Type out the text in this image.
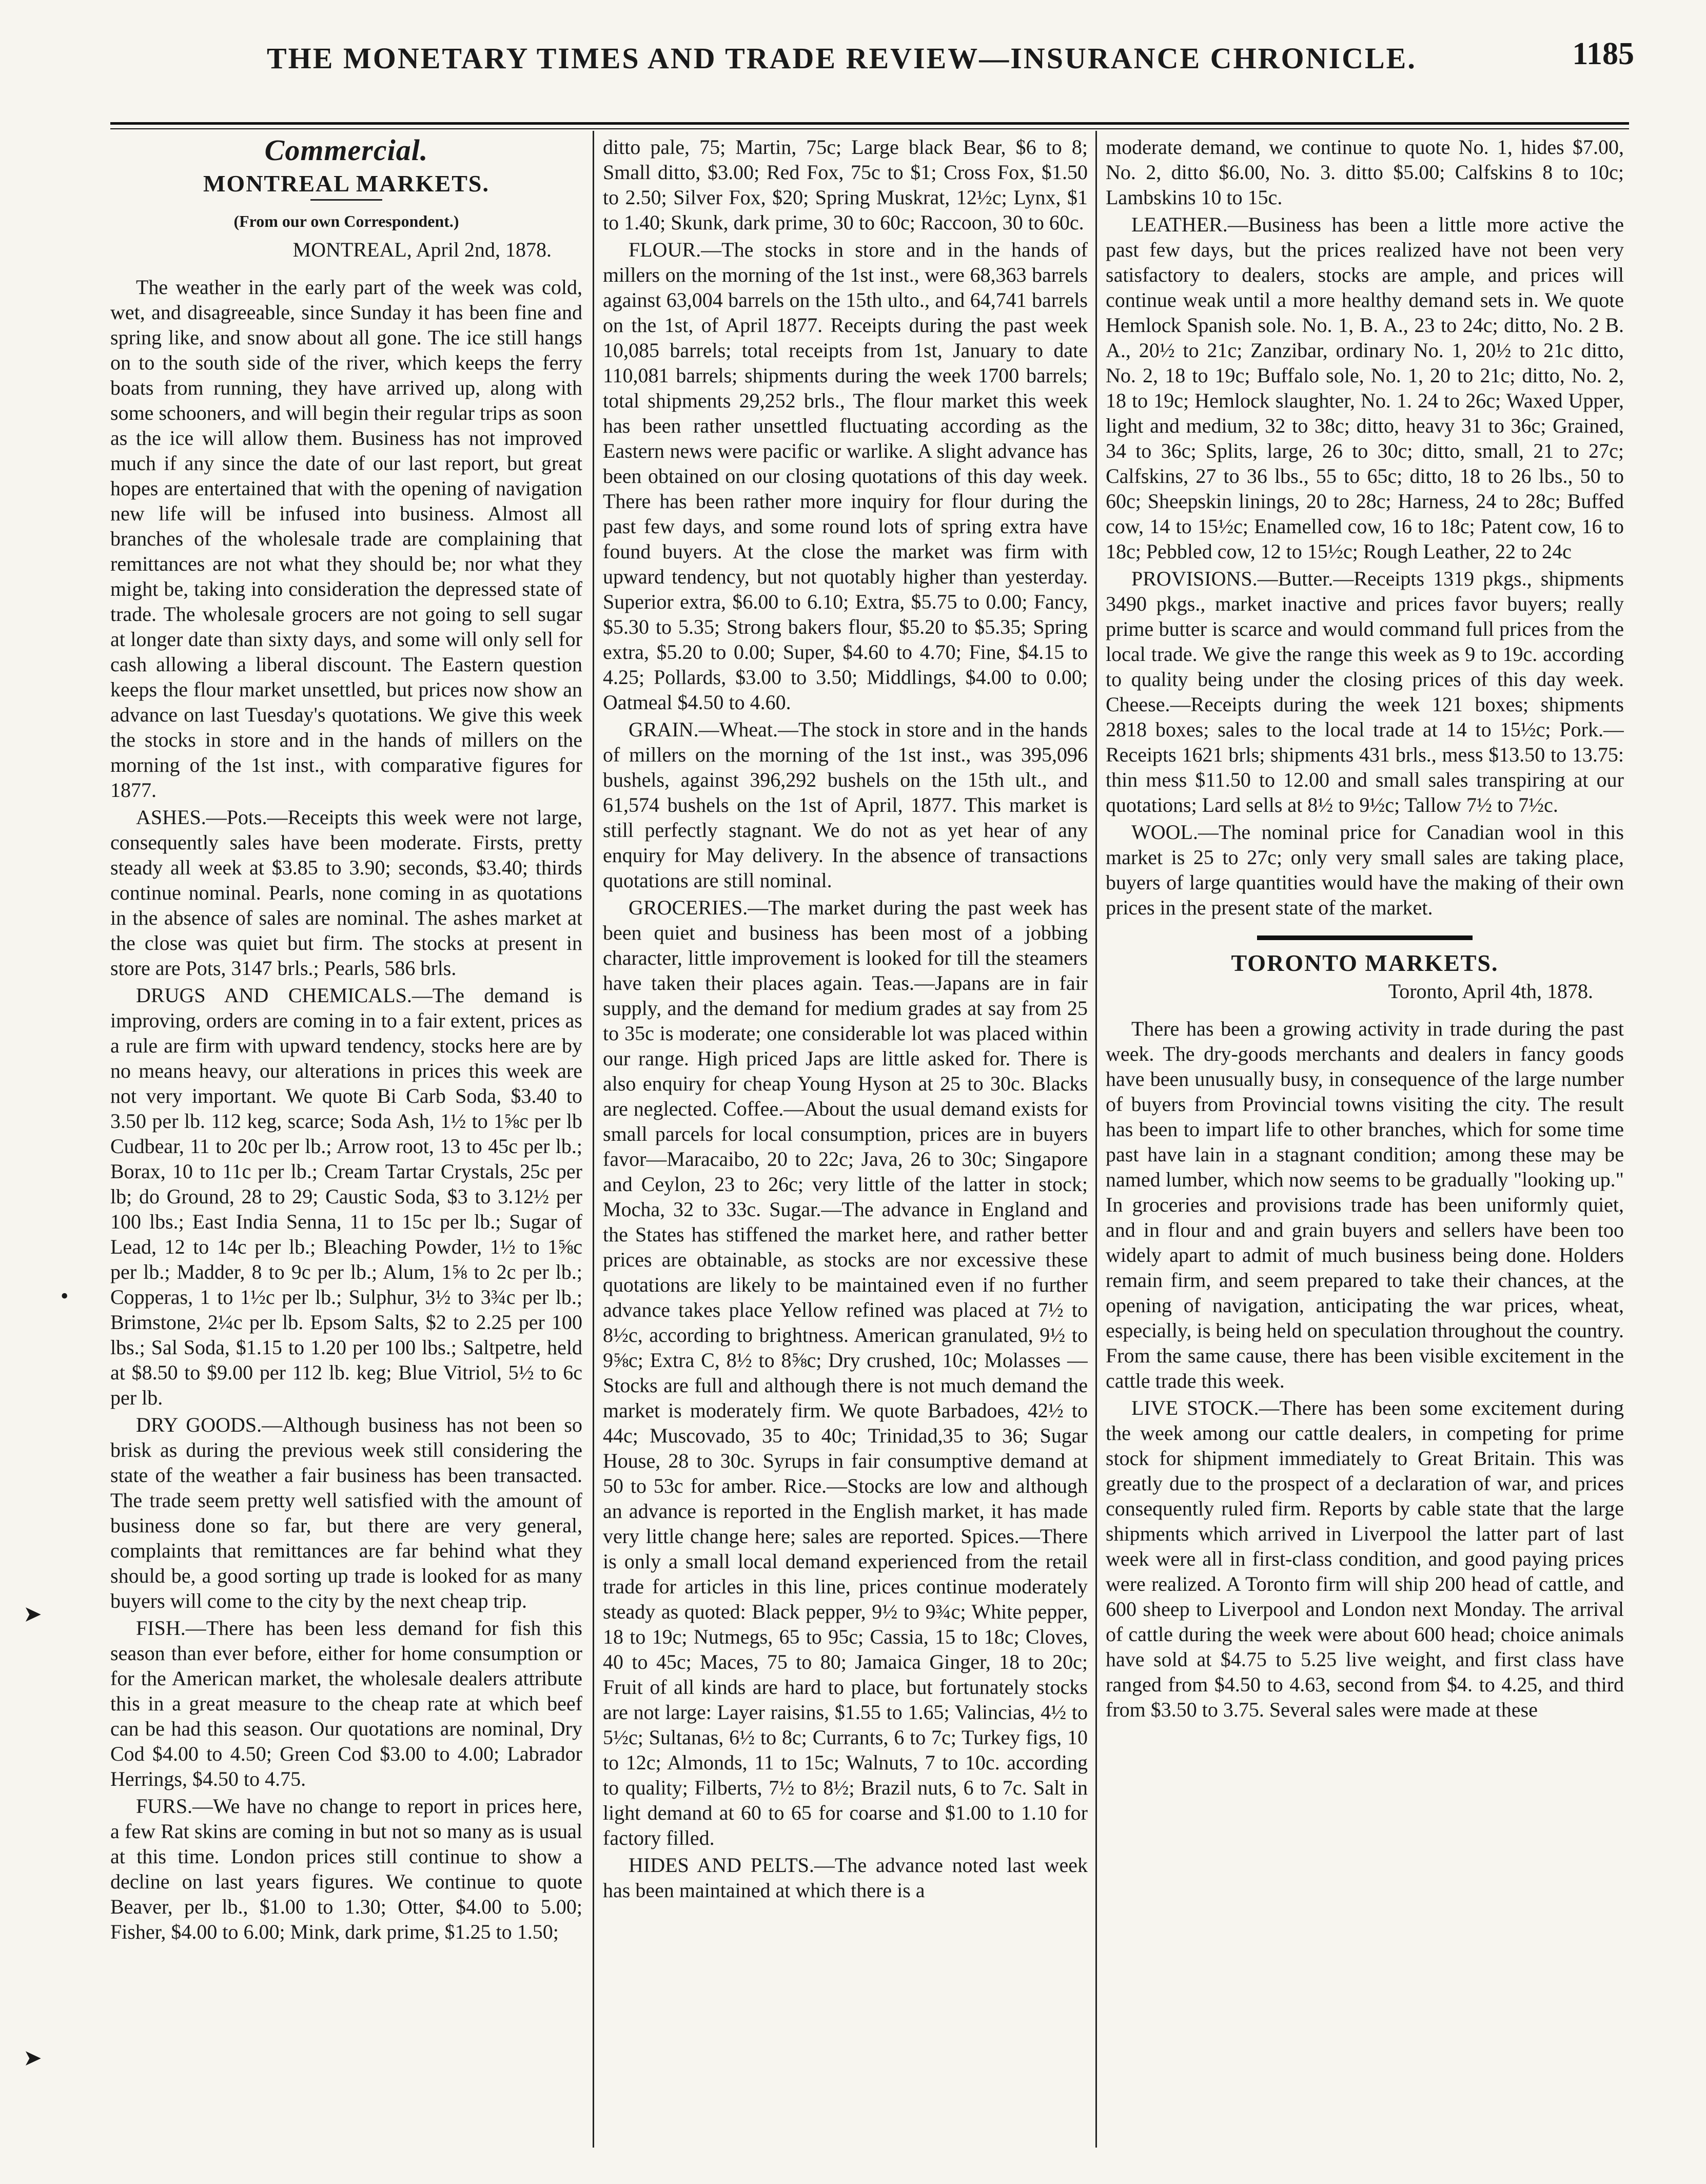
THE MONETARY TIMES AND TRADE REVIEW—INSURANCE CHRONICLE.	1185
•
➤
➤
Commercial.
MONTREAL MARKETS.
(From our own Correspondent.)
MONTREAL, April 2nd, 1878.

The weather in the early part of the week was cold, wet, and disagreeable, since Sunday it has been fine and spring like, and snow about all gone. The ice still hangs on to the south side of the river, which keeps the ferry boats from running, they have arrived up, along with some schooners, and will begin their regular trips as soon as the ice will allow them. Business has not improved much if any since the date of our last report, but great hopes are entertained that with the opening of navigation new life will be infused into business. Almost all branches of the wholesale trade are complaining that remittances are not what they should be; nor what they might be, taking into consideration the depressed state of trade. The wholesale grocers are not going to sell sugar at longer date than sixty days, and some will only sell for cash allowing a liberal discount. The Eastern question keeps the flour market unsettled, but prices now show an advance on last Tuesday's quotations. We give this week the stocks in store and in the hands of millers on the morning of the 1st inst., with comparative figures for 1877.

ASHES.—Pots.—Receipts this week were not large, consequently sales have been moderate. Firsts, pretty steady all week at $3.85 to 3.90; seconds, $3.40; thirds continue nominal. Pearls, none coming in as quotations in the absence of sales are nominal. The ashes market at the close was quiet but firm. The stocks at present in store are Pots, 3147 brls.; Pearls, 586 brls.

DRUGS AND CHEMICALS.—The demand is improving, orders are coming in to a fair extent, prices as a rule are firm with upward tendency, stocks here are by no means heavy, our alterations in prices this week are not very important. We quote Bi Carb Soda, $3.40 to 3.50 per lb. 112 keg, scarce; Soda Ash, 1½ to 1⅝c per lb Cudbear, 11 to 20c per lb.; Arrow root, 13 to 45c per lb.; Borax, 10 to 11c per lb.; Cream Tartar Crystals, 25c per lb; do Ground, 28 to 29; Caustic Soda, $3 to 3.12½ per 100 lbs.; East India Senna, 11 to 15c per lb.; Sugar of Lead, 12 to 14c per lb.; Bleaching Powder, 1½ to 1⅝c per lb.; Madder, 8 to 9c per lb.; Alum, 1⅝ to 2c per lb.; Copperas, 1 to 1½c per lb.; Sulphur, 3½ to 3¾c per lb.; Brimstone, 2¼c per lb. Epsom Salts, $2 to 2.25 per 100 lbs.; Sal Soda, $1.15 to 1.20 per 100 lbs.; Saltpetre, held at $8.50 to $9.00 per 112 lb. keg; Blue Vitriol, 5½ to 6c per lb.

DRY GOODS.—Although business has not been so brisk as during the previous week still considering the state of the weather a fair business has been transacted. The trade seem pretty well satisfied with the amount of business done so far, but there are very general, complaints that remittances are far behind what they should be, a good sorting up trade is looked for as many buyers will come to the city by the next cheap trip.

FISH.—There has been less demand for fish this season than ever before, either for home consumption or for the American market, the wholesale dealers attribute this in a great measure to the cheap rate at which beef can be had this season. Our quotations are nominal, Dry Cod $4.00 to 4.50; Green Cod $3.00 to 4.00; Labrador Herrings, $4.50 to 4.75.

FURS.—We have no change to report in prices here, a few Rat skins are coming in but not so many as is usual at this time. London prices still continue to show a decline on last years figures. We continue to quote Beaver, per lb., $1.00 to 1.30; Otter, $4.00 to 5.00; Fisher, $4.00 to 6.00; Mink, dark prime, $1.25 to 1.50;

ditto pale, 75; Martin, 75c; Large black Bear, $6 to 8; Small ditto, $3.00; Red Fox, 75c to $1; Cross Fox, $1.50 to 2.50; Silver Fox, $20; Spring Muskrat, 12½c; Lynx, $1 to 1.40; Skunk, dark prime, 30 to 60c; Raccoon, 30 to 60c.

FLOUR.—The stocks in store and in the hands of millers on the morning of the 1st inst., were 68,363 barrels against 63,004 barrels on the 15th ulto., and 64,741 barrels on the 1st, of April 1877. Receipts during the past week 10,085 barrels; total receipts from 1st, January to date 110,081 barrels; shipments during the week 1700 barrels; total shipments 29,252 brls., The flour market this week has been rather unsettled fluctuating according as the Eastern news were pacific or warlike. A slight advance has been obtained on our closing quotations of this day week. There has been rather more inquiry for flour during the past few days, and some round lots of spring extra have found buyers. At the close the market was firm with upward tendency, but not quotably higher than yesterday. Superior extra, $6.00 to 6.10; Extra, $5.75 to 0.00; Fancy, $5.30 to 5.35; Strong bakers flour, $5.20 to $5.35; Spring extra, $5.20 to 0.00; Super, $4.60 to 4.70; Fine, $4.15 to 4.25; Pollards, $3.00 to 3.50; Middlings, $4.00 to 0.00; Oatmeal $4.50 to 4.60.

GRAIN.—Wheat.—The stock in store and in the hands of millers on the morning of the 1st inst., was 395,096 bushels, against 396,292 bushels on the 15th ult., and 61,574 bushels on the 1st of April, 1877. This market is still perfectly stagnant. We do not as yet hear of any enquiry for May delivery. In the absence of transactions quotations are still nominal.

GROCERIES.—The market during the past week has been quiet and business has been most of a jobbing character, little improvement is looked for till the steamers have taken their places again. Teas.—Japans are in fair supply, and the demand for medium grades at say from 25 to 35c is moderate; one considerable lot was placed within our range. High priced Japs are little asked for. There is also enquiry for cheap Young Hyson at 25 to 30c. Blacks are neglected. Coffee.—About the usual demand exists for small parcels for local consumption, prices are in buyers favor—Maracaibo, 20 to 22c; Java, 26 to 30c; Singapore and Ceylon, 23 to 26c; very little of the latter in stock; Mocha, 32 to 33c. Sugar.—The advance in England and the States has stiffened the market here, and rather better prices are obtainable, as stocks are nor excessive these quotations are likely to be maintained even if no further advance takes place Yellow refined was placed at 7½ to 8½c, according to brightness. American granulated, 9½ to 9⅝c; Extra C, 8½ to 8⅝c; Dry crushed, 10c; Molasses —Stocks are full and although there is not much demand the market is moderately firm. We quote Barbadoes, 42½ to 44c; Muscovado, 35 to 40c; Trinidad,35 to 36; Sugar House, 28 to 30c. Syrups in fair consumptive demand at 50 to 53c for amber. Rice.—Stocks are low and although an advance is reported in the English market, it has made very little change here; sales are reported. Spices.—There is only a small local demand experienced from the retail trade for articles in this line, prices continue moderately steady as quoted: Black pepper, 9½ to 9¾c; White pepper, 18 to 19c; Nutmegs, 65 to 95c; Cassia, 15 to 18c; Cloves, 40 to 45c; Maces, 75 to 80; Jamaica Ginger, 18 to 20c; Fruit of all kinds are hard to place, but fortunately stocks are not large: Layer raisins, $1.55 to 1.65; Valincias, 4½ to 5½c; Sultanas, 6½ to 8c; Currants, 6 to 7c; Turkey figs, 10 to 12c; Almonds, 11 to 15c; Walnuts, 7 to 10c. according to quality; Filberts, 7½ to 8½; Brazil nuts, 6 to 7c. Salt in light demand at 60 to 65 for coarse and $1.00 to 1.10 for factory filled.

HIDES AND PELTS.—The advance noted last week has been maintained at which there is a

moderate demand, we continue to quote No. 1, hides $7.00, No. 2, ditto $6.00, No. 3. ditto $5.00; Calfskins 8 to 10c; Lambskins 10 to 15c.

LEATHER.—Business has been a little more active the past few days, but the prices realized have not been very satisfactory to dealers, stocks are ample, and prices will continue weak until a more healthy demand sets in. We quote Hemlock Spanish sole. No. 1, B. A., 23 to 24c; ditto, No. 2 B. A., 20½ to 21c; Zanzibar, ordinary No. 1, 20½ to 21c ditto, No. 2, 18 to 19c; Buffalo sole, No. 1, 20 to 21c; ditto, No. 2, 18 to 19c; Hemlock slaughter, No. 1. 24 to 26c; Waxed Upper, light and medium, 32 to 38c; ditto, heavy 31 to 36c; Grained, 34 to 36c; Splits, large, 26 to 30c; ditto, small, 21 to 27c; Calfskins, 27 to 36 lbs., 55 to 65c; ditto, 18 to 26 lbs., 50 to 60c; Sheepskin linings, 20 to 28c; Harness, 24 to 28c; Buffed cow, 14 to 15½c; Enamelled cow, 16 to 18c; Patent cow, 16 to 18c; Pebbled cow, 12 to 15½c; Rough Leather, 22 to 24c

PROVISIONS.—Butter.—Receipts 1319 pkgs., shipments 3490 pkgs., market inactive and prices favor buyers; really prime butter is scarce and would command full prices from the local trade. We give the range this week as 9 to 19c. according to quality being under the closing prices of this day week. Cheese.—Receipts during the week 121 boxes; shipments 2818 boxes; sales to the local trade at 14 to 15½c; Pork.—Receipts 1621 brls; shipments 431 brls., mess $13.50 to 13.75: thin mess $11.50 to 12.00 and small sales transpiring at our quotations; Lard sells at 8½ to 9½c; Tallow 7½ to 7½c.

WOOL.—The nominal price for Canadian wool in this market is 25 to 27c; only very small sales are taking place, buyers of large quantities would have the making of their own prices in the present state of the market.

TORONTO MARKETS.
Toronto, April 4th, 1878.

There has been a growing activity in trade during the past week. The dry-goods merchants and dealers in fancy goods have been unusually busy, in consequence of the large number of buyers from Provincial towns visiting the city. The result has been to impart life to other branches, which for some time past have lain in a stagnant condition; among these may be named lumber, which now seems to be gradually "looking up." In groceries and provisions trade has been uniformly quiet, and in flour and and grain buyers and sellers have been too widely apart to admit of much business being done. Holders remain firm, and seem prepared to take their chances, at the opening of navigation, anticipating the war prices, wheat, especially, is being held on speculation throughout the country. From the same cause, there has been visible excitement in the cattle trade this week.

LIVE STOCK.—There has been some excitement during the week among our cattle dealers, in competing for prime stock for shipment immediately to Great Britain. This was greatly due to the prospect of a declaration of war, and prices consequently ruled firm. Reports by cable state that the large shipments which arrived in Liverpool the latter part of last week were all in first-class condition, and good paying prices were realized. A Toronto firm will ship 200 head of cattle, and 600 sheep to Liverpool and London next Monday. The arrival of cattle during the week were about 600 head; choice animals have sold at $4.75 to 5.25 live weight, and first class have ranged from $4.50 to 4.63, second from $4. to 4.25, and third from $3.50 to 3.75. Several sales were made at these
